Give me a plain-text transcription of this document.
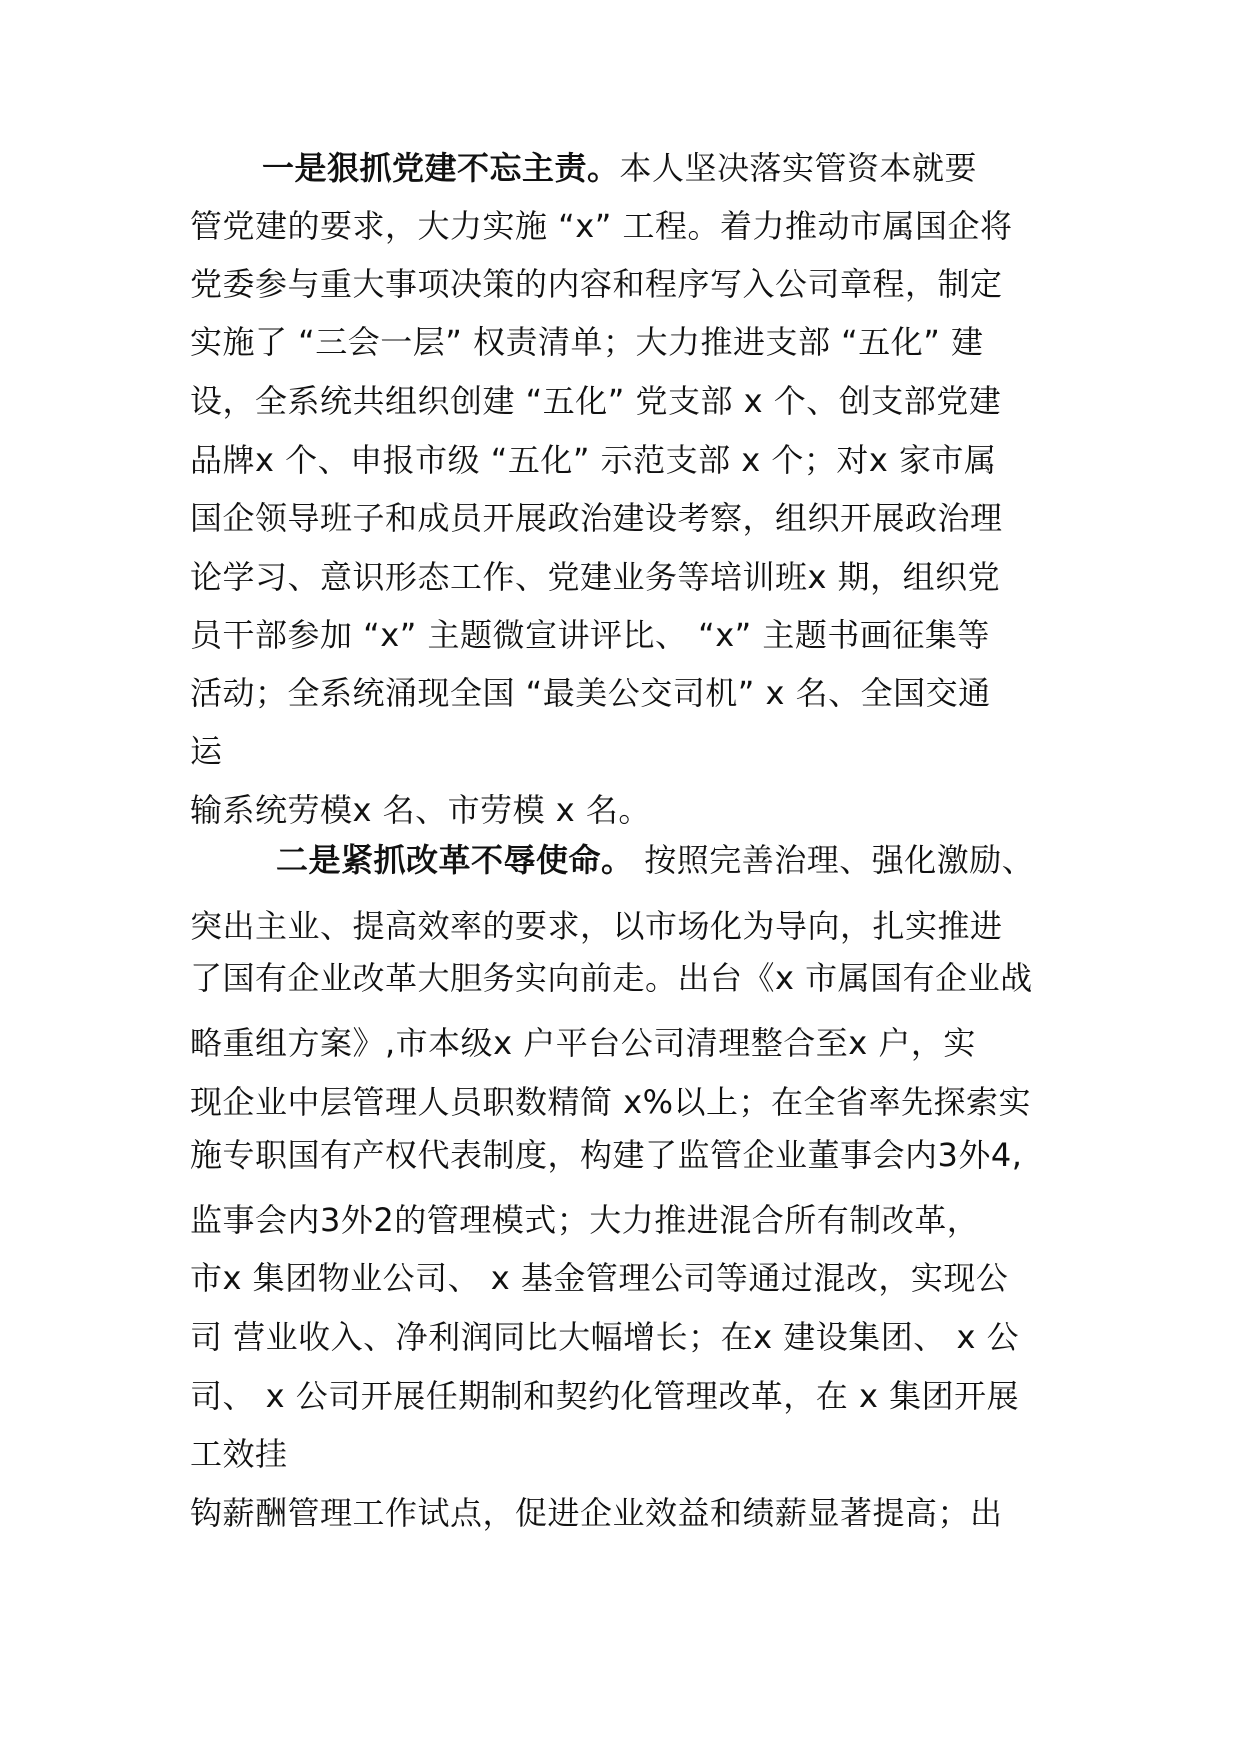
一是狠抓党建不忘主责。本人坚决落实管资本就要
管党建的要求，大力实施 “x” 工程。着力推动市属国企将
党委参与重大事项决策的内容和程序写入公司章程，制定
实施了 “三会一层” 权责清单；大力推进支部 “五化” 建
设，全系统共组织创建 “五化” 党支部 x 个、创支部党建
品牌x 个、申报市级 “五化” 示范支部 x 个；对x 家市属
国企领导班子和成员开展政治建设考察，组织开展政治理
论学习、意识形态工作、党建业务等培训班x 期，组织党
员干部参加 “x” 主题微宣讲评比、 “x” 主题书画征集等
活动；全系统涌现全国 “最美公交司机” x 名、全国交通
运
输系统劳模x 名、市劳模 x 名。
二是紧抓改革不辱使命。 按照完善治理、强化激励、
突出主业、提高效率的要求，以市场化为导向，扎实推进
了国有企业改革大胆务实向前走。出台《x 市属国有企业战
略重组方案》,市本级x 户平台公司清理整合至x 户，实
现企业中层管理人员职数精简 x%以上；在全省率先探索实
施专职国有产权代表制度，构建了监管企业董事会内3外4,
监事会内3外2的管理模式；大力推进混合所有制改革，
市x 集团物业公司、 x 基金管理公司等通过混改，实现公
司 营业收入、净利润同比大幅增长；在x 建设集团、 x 公
司、 x 公司开展任期制和契约化管理改革，在 x 集团开展
工效挂
钩薪酬管理工作试点，促进企业效益和绩薪显著提高；出
